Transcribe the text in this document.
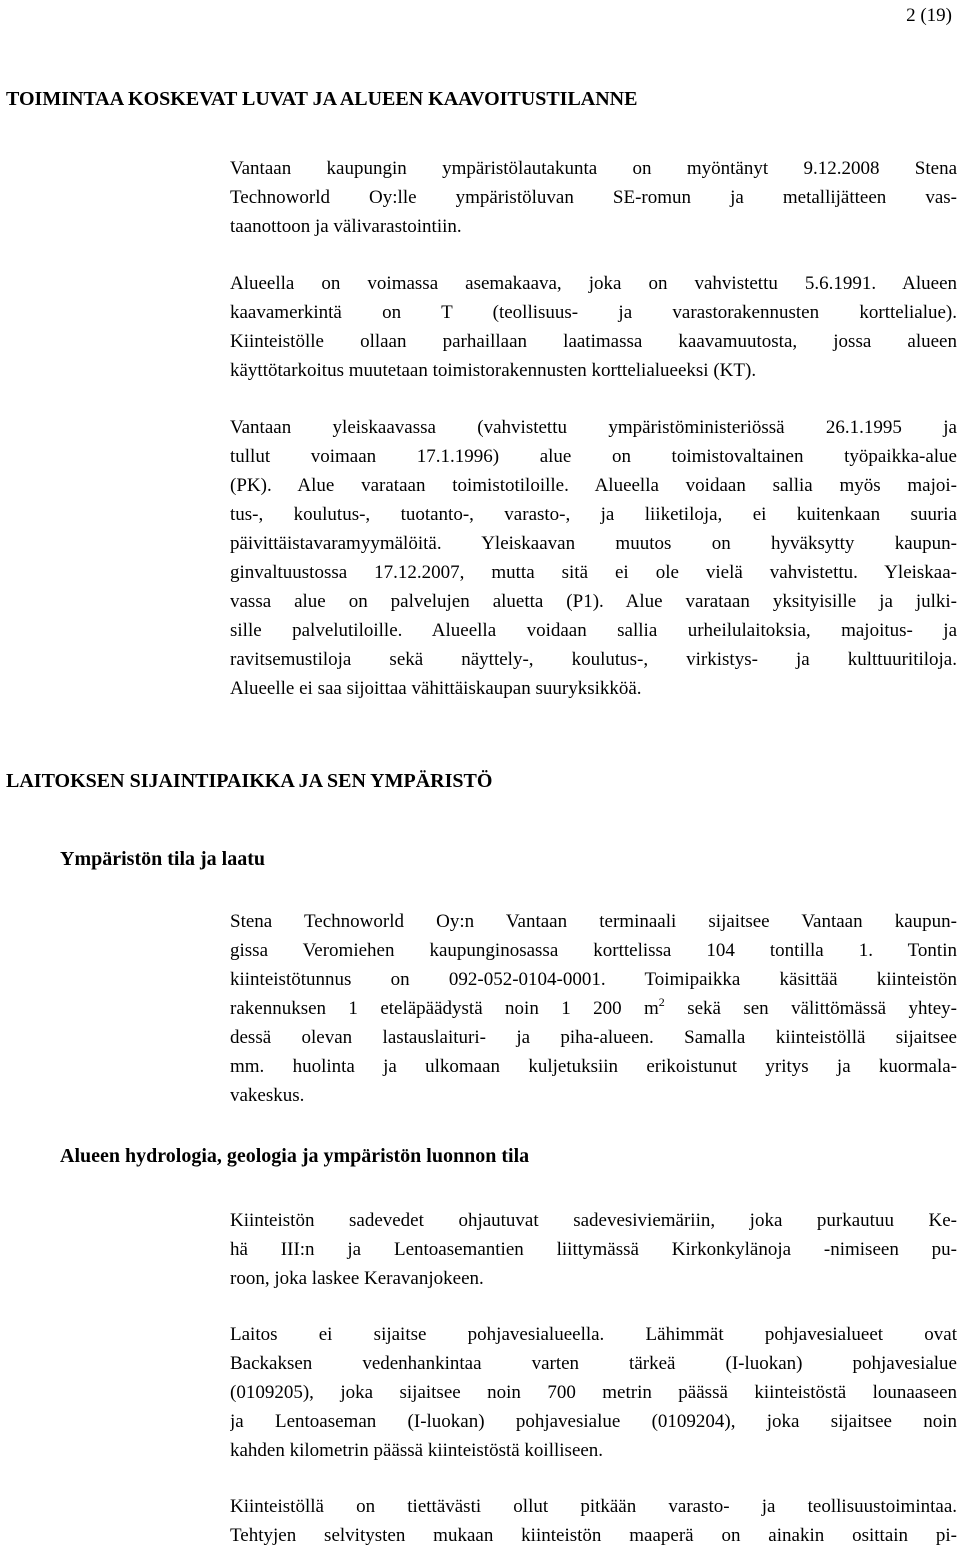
2 (19)
TOIMINTAA KOSKEVAT LUVAT JA ALUEEN KAAVOITUSTILANNE
Vantaan kaupungin ympäristölautakunta on myöntänyt 9.12.2008 Stena
Technoworld Oy:lle ympäristöluvan SE-romun ja metallijätteen vas-
taanottoon ja välivarastointiin.
Alueella on voimassa asemakaava, joka on vahvistettu 5.6.1991. Alueen
kaavamerkintä on T (teollisuus- ja varastorakennusten korttelialue).
Kiinteistölle ollaan parhaillaan laatimassa kaavamuutosta, jossa alueen
käyttötarkoitus muutetaan toimistorakennusten korttelialueeksi (KT).
Vantaan yleiskaavassa (vahvistettu ympäristöministeriössä 26.1.1995 ja
tullut voimaan 17.1.1996) alue on toimistovaltainen työpaikka-alue
(PK). Alue varataan toimistotiloille. Alueella voidaan sallia myös majoi-
tus-, koulutus-, tuotanto-, varasto-, ja liiketiloja, ei kuitenkaan suuria
päivittäistavaramyymälöitä. Yleiskaavan muutos on hyväksytty kaupun-
ginvaltuustossa 17.12.2007, mutta sitä ei ole vielä vahvistettu. Yleiskaa-
vassa alue on palvelujen aluetta (P1). Alue varataan yksityisille ja julki-
sille palvelutiloille. Alueella voidaan sallia urheilulaitoksia, majoitus- ja
ravitsemustiloja sekä näyttely-, koulutus-, virkistys- ja kulttuuritiloja.
Alueelle ei saa sijoittaa vähittäiskaupan suuryksikköä.
LAITOKSEN SIJAINTIPAIKKA JA SEN YMPÄRISTÖ
Ympäristön tila ja laatu
Stena Technoworld Oy:n Vantaan terminaali sijaitsee Vantaan kaupun-
gissa Veromiehen kaupunginosassa korttelissa 104 tontilla 1. Tontin
kiinteistötunnus on 092-052-0104-0001. Toimipaikka käsittää kiinteistön
rakennuksen 1 eteläpäädystä noin 1 200 $m^2$ sekä sen välittömässä yhtey-
dessä olevan lastauslaituri- ja piha-alueen. Samalla kiinteistöllä sijaitsee
mm. huolinta ja ulkomaan kuljetuksiin erikoistunut yritys ja kuormala-
vakeskus.
Alueen hydrologia, geologia ja ympäristön luonnon tila
Kiinteistön sadevedet ohjautuvat sadevesiviemäriin, joka purkautuu Ke-
hä III:n ja Lentoasemantien liittymässä Kirkonkylänoja -nimiseen pu-
roon, joka laskee Keravanjokeen.
Laitos ei sijaitse pohjavesialueella. Lähimmät pohjavesialueet ovat
Backaksen vedenhankintaa varten tärkeä (I-luokan) pohjavesialue
(0109205), joka sijaitsee noin 700 metrin päässä kiinteistöstä lounaaseen
ja Lentoaseman (I-luokan) pohjavesialue (0109204), joka sijaitsee noin
kahden kilometrin päässä kiinteistöstä koilliseen.
Kiinteistöllä on tiettävästi ollut pitkään varasto- ja teollisuustoimintaa.
Tehtyjen selvitysten mukaan kiinteistön maaperä on ainakin osittain pi-
